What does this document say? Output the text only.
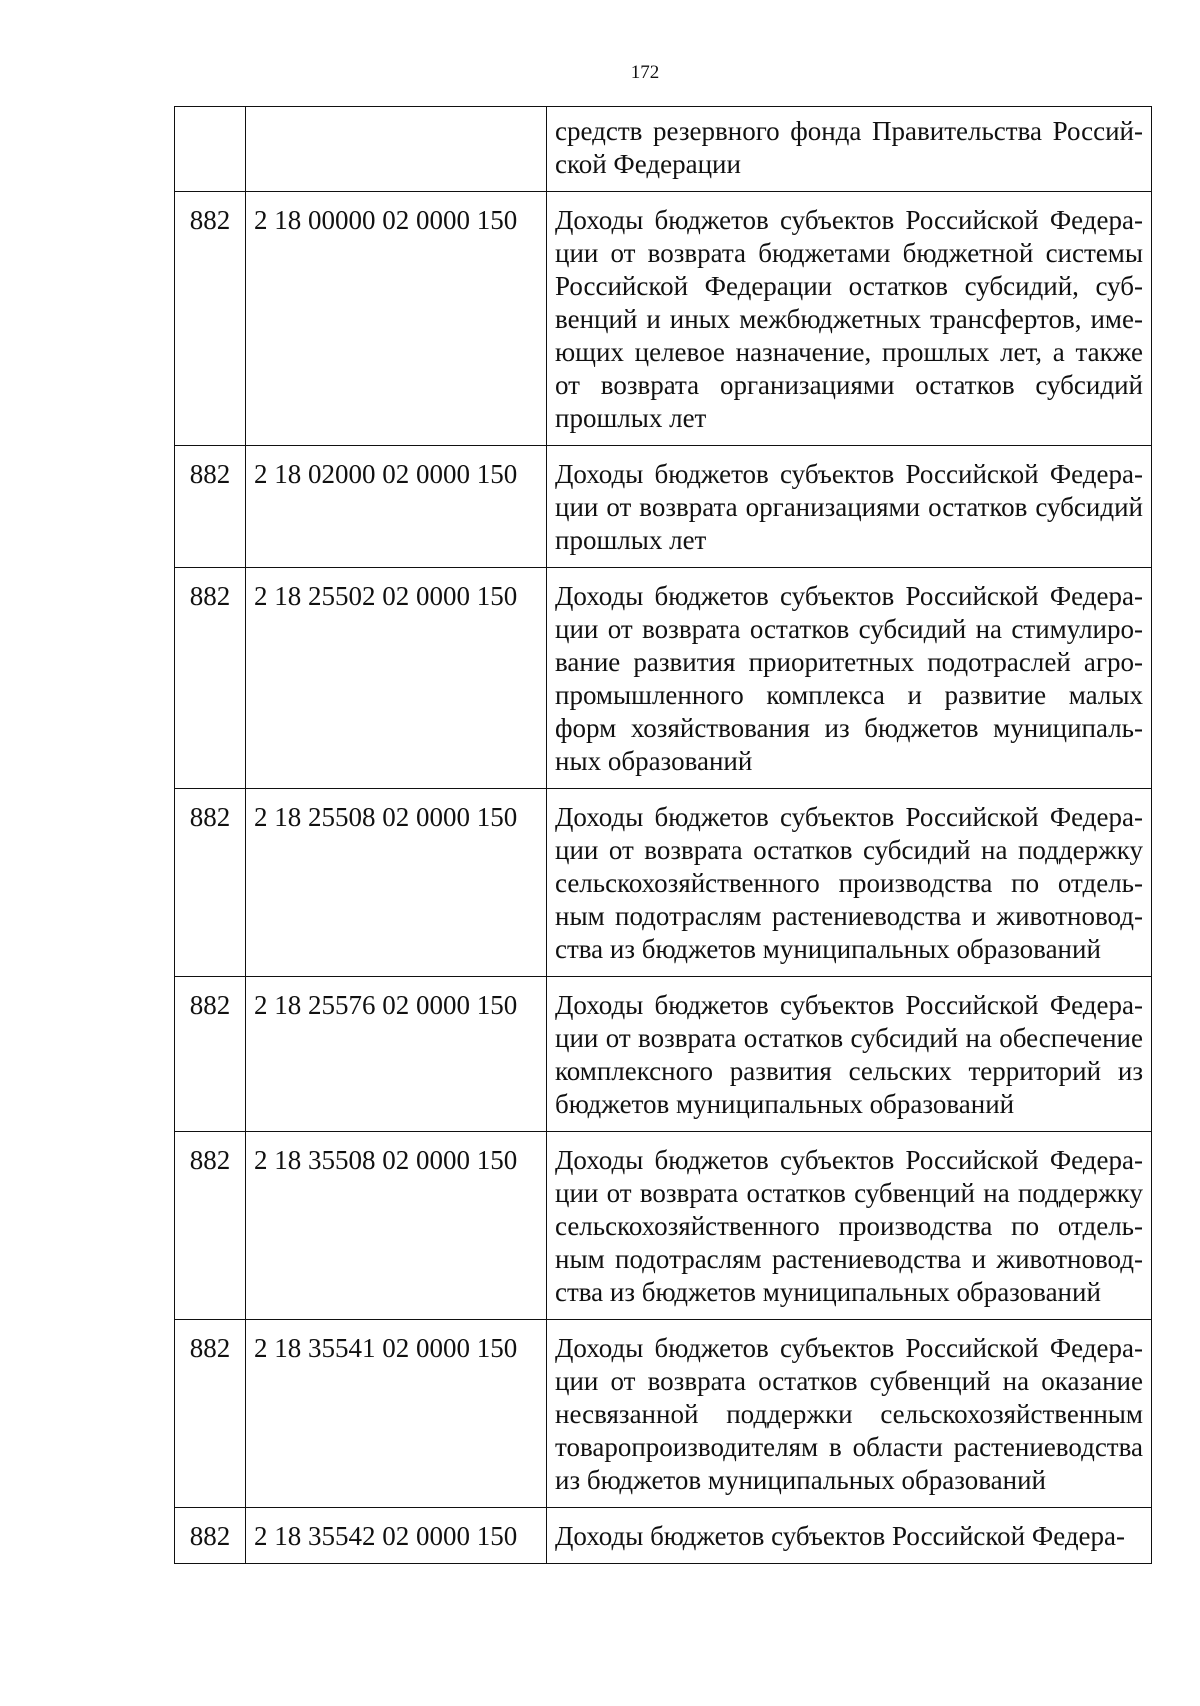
172
		средств резервного фонда Правительства Российской Федерации
882	2 18 00000 02 0000 150	Доходы бюджетов субъектов Российской Федерации от возврата бюджетами бюджетной системы Российской Федерации остатков субсидий, субвенций и иных межбюджетных трансфертов, имеющих целевое назначение, прошлых лет, а также от возврата организациями остатков субсидий прошлых лет
882	2 18 02000 02 0000 150	Доходы бюджетов субъектов Российской Федерации от возврата организациями остатков субсидий прошлых лет
882	2 18 25502 02 0000 150	Доходы бюджетов субъектов Российской Федерации от возврата остатков субсидий на стимулирование развития приоритетных подотраслей агропромышленного комплекса и развитие малых форм хозяйствования из бюджетов муниципальных образований
882	2 18 25508 02 0000 150	Доходы бюджетов субъектов Российской Федерации от возврата остатков субсидий на поддержку сельскохозяйственного производства по отдельным подотраслям растениеводства и животноводства из бюджетов муниципальных образований
882	2 18 25576 02 0000 150	Доходы бюджетов субъектов Российской Федерации от возврата остатков субсидий на обеспечение комплексного развития сельских территорий из бюджетов муниципальных образований
882	2 18 35508 02 0000 150	Доходы бюджетов субъектов Российской Федерации от возврата остатков субвенций на поддержку сельскохозяйственного производства по отдельным подотраслям растениеводства и животноводства из бюджетов муниципальных образований
882	2 18 35541 02 0000 150	Доходы бюджетов субъектов Российской Федерации от возврата остатков субвенций на оказание несвязанной поддержки сельскохозяйственным товаропроизводителям в области растениеводства из бюджетов муниципальных образований
882	2 18 35542 02 0000 150	Доходы бюджетов субъектов Российской Федера-
